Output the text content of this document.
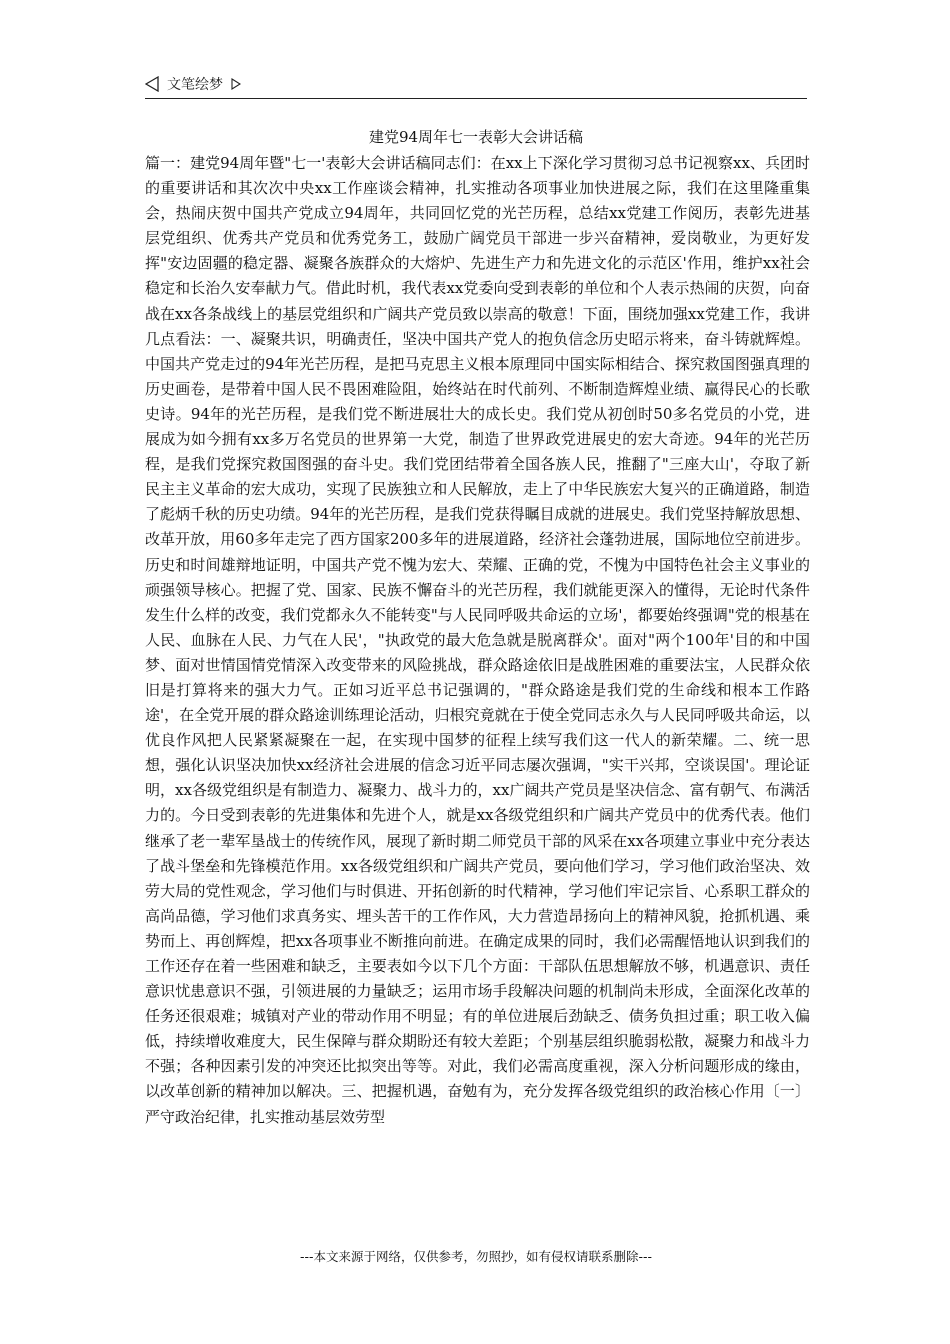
文笔绘梦
建党94周年七一表彰大会讲话稿
篇一：建党94周年暨"七一'表彰大会讲话稿同志们：在xx上下深化学习贯彻习总书记视察xx、兵团时的重要讲话和其次次中央xx工作座谈会精神，扎实推动各项事业加快进展之际，我们在这里隆重集会，热闹庆贺中国共产党成立94周年，共同回忆党的光芒历程，总结xx党建工作阅历，表彰先进基层党组织、优秀共产党员和优秀党务工，鼓励广阔党员干部进一步兴奋精神，爱岗敬业，为更好发挥"安边固疆的稳定器、凝聚各族群众的大熔炉、先进生产力和先进文化的示范区'作用，维护xx社会稳定和长治久安奉献力气。借此时机，我代表xx党委向受到表彰的单位和个人表示热闹的庆贺，向奋战在xx各条战线上的基层党组织和广阔共产党员致以崇高的敬意！下面，围绕加强xx党建工作，我讲几点看法：一、凝聚共识，明确责任，坚决中国共产党人的抱负信念历史昭示将来，奋斗铸就辉煌。中国共产党走过的94年光芒历程，是把马克思主义根本原理同中国实际相结合、探究救国图强真理的历史画卷，是带着中国人民不畏困难险阻，始终站在时代前列、不断制造辉煌业绩、赢得民心的长歌史诗。94年的光芒历程，是我们党不断进展壮大的成长史。我们党从初创时50多名党员的小党，进展成为如今拥有xx多万名党员的世界第一大党，制造了世界政党进展史的宏大奇迹。94年的光芒历程，是我们党探究救国图强的奋斗史。我们党团结带着全国各族人民，推翻了"三座大山'，夺取了新民主主义革命的宏大成功，实现了民族独立和人民解放，走上了中华民族宏大复兴的正确道路，制造了彪炳千秋的历史功绩。94年的光芒历程，是我们党获得瞩目成就的进展史。我们党坚持解放思想、改革开放，用60多年走完了西方国家200多年的进展道路，经济社会蓬勃进展，国际地位空前进步。历史和时间雄辩地证明，中国共产党不愧为宏大、荣耀、正确的党，不愧为中国特色社会主义事业的顽强领导核心。把握了党、国家、民族不懈奋斗的光芒历程，我们就能更深入的懂得，无论时代条件发生什么样的改变，我们党都永久不能转变"与人民同呼吸共命运的立场'，都要始终强调"党的根基在人民、血脉在人民、力气在人民'，"执政党的最大危急就是脱离群众'。面对"两个100年'目的和中国梦、面对世情国情党情深入改变带来的风险挑战，群众路途依旧是战胜困难的重要法宝，人民群众依旧是打算将来的强大力气。正如习近平总书记强调的，"群众路途是我们党的生命线和根本工作路途'，在全党开展的群众路途训练理论活动，归根究竟就在于使全党同志永久与人民同呼吸共命运，以优良作风把人民紧紧凝聚在一起，在实现中国梦的征程上续写我们这一代人的新荣耀。二、统一思想，强化认识坚决加快xx经济社会进展的信念习近平同志屡次强调，"实干兴邦，空谈误国'。理论证明，xx各级党组织是有制造力、凝聚力、战斗力的，xx广阔共产党员是坚决信念、富有朝气、布满活力的。今日受到表彰的先进集体和先进个人，就是xx各级党组织和广阔共产党员中的优秀代表。他们继承了老一辈军垦战士的传统作风，展现了新时期二师党员干部的风采在xx各项建立事业中充分表达了战斗堡垒和先锋模范作用。xx各级党组织和广阔共产党员，要向他们学习，学习他们政治坚决、效劳大局的党性观念，学习他们与时俱进、开拓创新的时代精神，学习他们牢记宗旨、心系职工群众的高尚品德，学习他们求真务实、埋头苦干的工作作风，大力营造昂扬向上的精神风貌，抢抓机遇、乘势而上、再创辉煌，把xx各项事业不断推向前进。在确定成果的同时，我们必需醒悟地认识到我们的工作还存在着一些困难和缺乏，主要表如今以下几个方面：干部队伍思想解放不够，机遇意识、责任意识忧患意识不强，引领进展的力量缺乏；运用市场手段解决问题的机制尚未形成，全面深化改革的任务还很艰难；城镇对产业的带动作用不明显；有的单位进展后劲缺乏、债务负担过重；职工收入偏低，持续增收难度大，民生保障与群众期盼还有较大差距；个别基层组织脆弱松散，凝聚力和战斗力不强；各种因素引发的冲突还比拟突出等等。对此，我们必需高度重视，深入分析问题形成的缘由，以改革创新的精神加以解决。三、把握机遇，奋勉有为，充分发挥各级党组织的政治核心作用〔一〕严守政治纪律，扎实推动基层效劳型
---本文来源于网络，仅供参考，勿照抄，如有侵权请联系删除---
